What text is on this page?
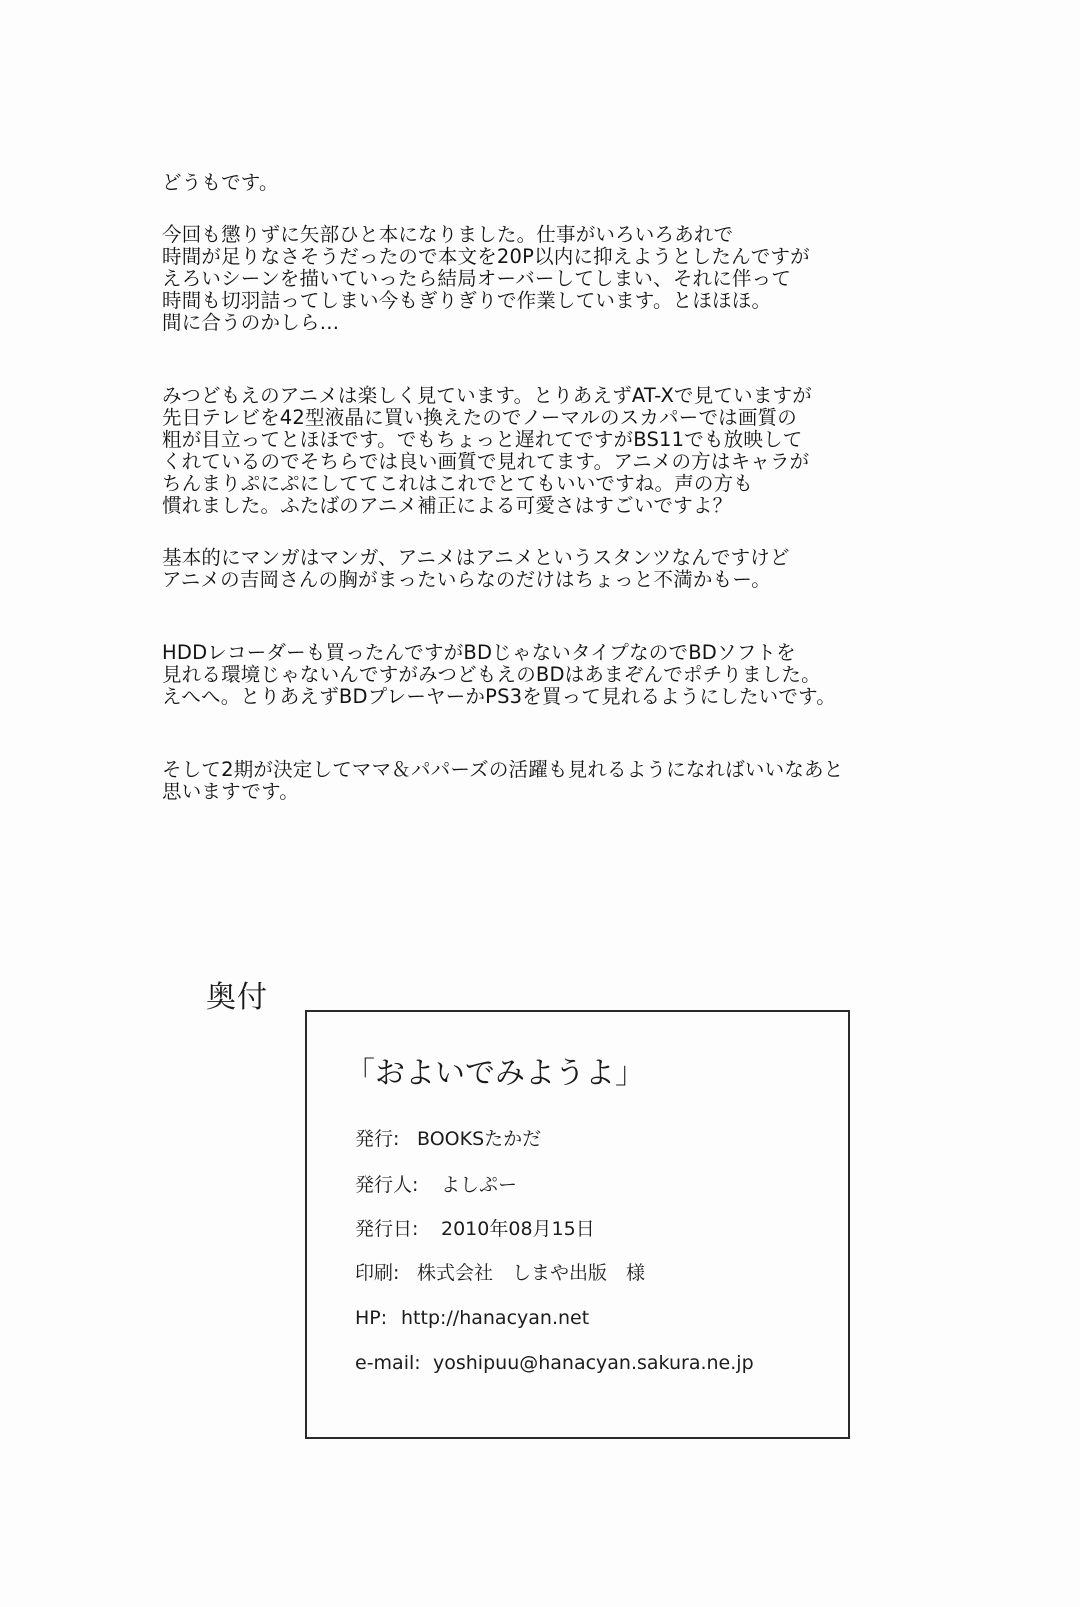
どうもです。

今回も懲りずに矢部ひと本になりました。仕事がいろいろあれで
時間が足りなさそうだったので本文を20P以内に抑えようとしたんですが
えろいシーンを描いていったら結局オーバーしてしまい、それに伴って
時間も切羽詰ってしまい今もぎりぎりで作業しています。とほほほ。
間に合うのかしら…

みつどもえのアニメは楽しく見ています。とりあえずAT-Xで見ていますが
先日テレビを42型液晶に買い換えたのでノーマルのスカパーでは画質の
粗が目立ってとほほです。でもちょっと遅れてですがBS11でも放映して
くれているのでそちらでは良い画質で見れてます。アニメの方はキャラが
ちんまりぷにぷにしててこれはこれでとてもいいですね。声の方も
慣れました。ふたばのアニメ補正による可愛さはすごいですよ？

基本的にマンガはマンガ、アニメはアニメというスタンツなんですけど
アニメの吉岡さんの胸がまったいらなのだけはちょっと不満かもー。

HDDレコーダーも買ったんですがBDじゃないタイプなのでBDソフトを
見れる環境じゃないんですがみつどもえのBDはあまぞんでポチりました。
えへへ。とりあえずBDプレーヤーかPS3を買って見れるようにしたいです。

そして2期が決定してママ＆パパーズの活躍も見れるようになればいいなあと
思いますです。

奥付
「およいでみようよ」
発行: BOOKSたかだ
発行人: よしぷー
発行日: 2010年08月15日
印刷: 株式会社　しまや出版　様
HP: http://hanacyan.net
e-mail: yoshipuu@hanacyan.sakura.ne.jp
